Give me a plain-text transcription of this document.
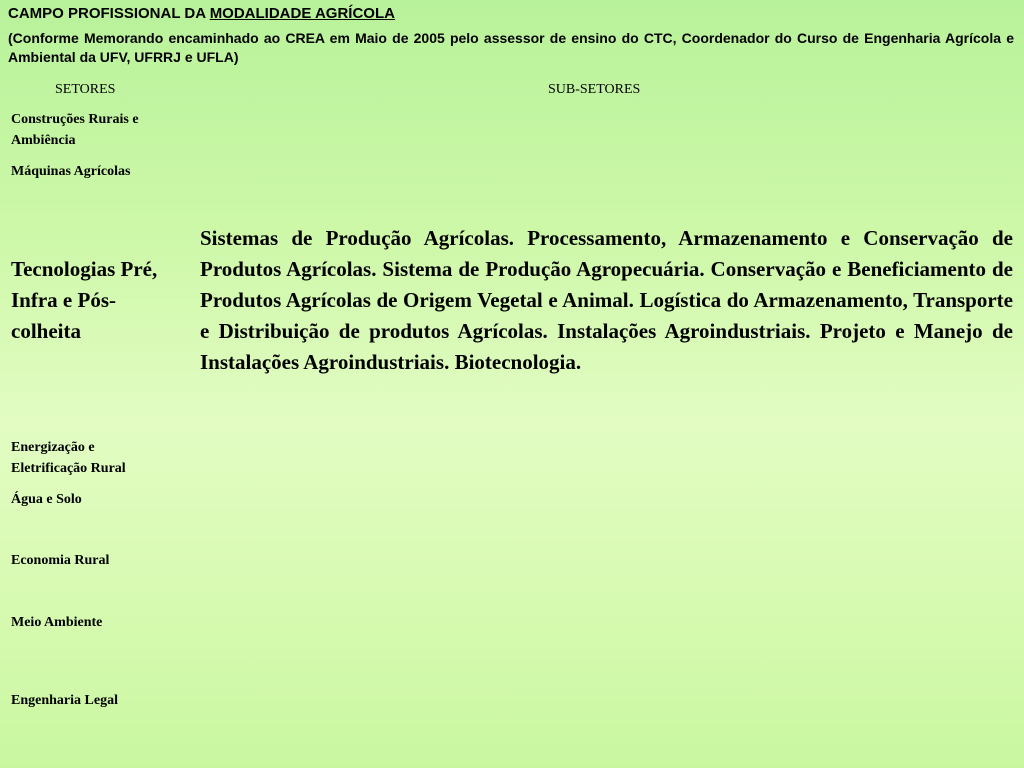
CAMPO PROFISSIONAL DA MODALIDADE AGRÍCOLA
(Conforme Memorando encaminhado ao CREA em Maio de 2005 pelo assessor de ensino do CTC, Coordenador do Curso de Engenharia Agrícola e Ambiental da UFV, UFRRJ e UFLA)
SETORES	SUB-SETORES
Construções Rurais e Ambiência
Máquinas Agrícolas
Tecnologias Pré, Infra e Pós-colheita
Energização e Eletrificação Rural
Água e Solo
Economia Rural
Meio Ambiente
Engenharia Legal
Sistemas de Produção Agrícolas. Processamento, Armazenamento e Conservação de Produtos Agrícolas. Sistema de Produção Agropecuária. Conservação e Beneficiamento de Produtos Agrícolas de Origem Vegetal e Animal. Logística do Armazenamento, Transporte e Distribuição de produtos Agrícolas. Instalações Agroindustriais. Projeto e Manejo de Instalações Agroindustriais. Biotecnologia.
